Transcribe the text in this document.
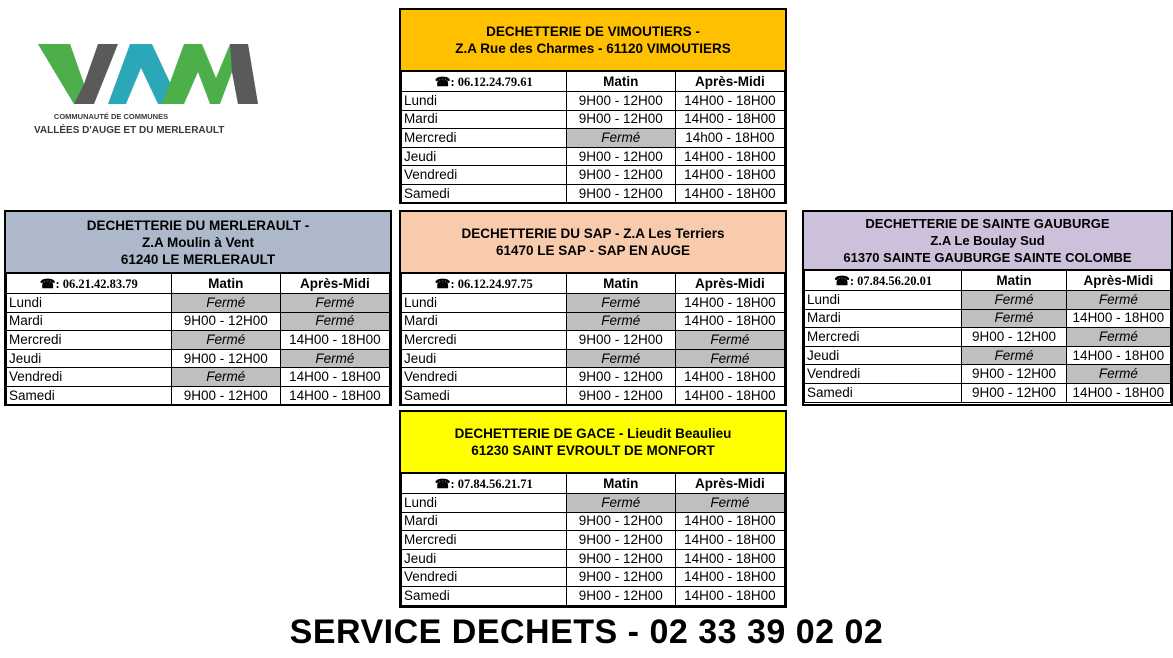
COMMUNAUTÉ DE COMMUNES
VALLÉES D'AUGE ET DU MERLERAULT
DECHETTERIE DE VIMOUTIERS -
Z.A Rue des Charmes - 61120 VIMOUTIERS
☎: 06.12.24.79.61	Matin	Après-Midi
Lundi	9H00 - 12H00	14H00 - 18H00
Mardi	9H00 - 12H00	14H00 - 18H00
Mercredi	Fermé	14h00 - 18H00
Jeudi	9H00 - 12H00	14H00 - 18H00
Vendredi	9H00 - 12H00	14H00 - 18H00
Samedi	9H00 - 12H00	14H00 - 18H00
DECHETTERIE DU MERLERAULT -
Z.A Moulin à Vent
61240 LE MERLERAULT
☎: 06.21.42.83.79	Matin	Après-Midi
Lundi	Fermé	Fermé
Mardi	9H00 - 12H00	Fermé
Mercredi	Fermé	14H00 - 18H00
Jeudi	9H00 - 12H00	Fermé
Vendredi	Fermé	14H00 - 18H00
Samedi	9H00 - 12H00	14H00 - 18H00
DECHETTERIE DU SAP - Z.A Les Terriers
61470 LE SAP - SAP EN AUGE
☎: 06.12.24.97.75	Matin	Après-Midi
Lundi	Fermé	14H00 - 18H00
Mardi	Fermé	14H00 - 18H00
Mercredi	9H00 - 12H00	Fermé
Jeudi	Fermé	Fermé
Vendredi	9H00 - 12H00	14H00 - 18H00
Samedi	9H00 - 12H00	14H00 - 18H00
DECHETTERIE DE SAINTE GAUBURGE
Z.A Le Boulay Sud
61370 SAINTE GAUBURGE SAINTE COLOMBE
☎: 07.84.56.20.01	Matin	Après-Midi
Lundi	Fermé	Fermé
Mardi	Fermé	14H00 - 18H00
Mercredi	9H00 - 12H00	Fermé
Jeudi	Fermé	14H00 - 18H00
Vendredi	9H00 - 12H00	Fermé
Samedi	9H00 - 12H00	14H00 - 18H00
DECHETTERIE DE GACE - Lieudit Beaulieu
61230 SAINT EVROULT DE MONFORT
☎: 07.84.56.21.71	Matin	Après-Midi
Lundi	Fermé	Fermé
Mardi	9H00 - 12H00	14H00 - 18H00
Mercredi	9H00 - 12H00	14H00 - 18H00
Jeudi	9H00 - 12H00	14H00 - 18H00
Vendredi	9H00 - 12H00	14H00 - 18H00
Samedi	9H00 - 12H00	14H00 - 18H00
SERVICE DECHETS - 02 33 39 02 02
